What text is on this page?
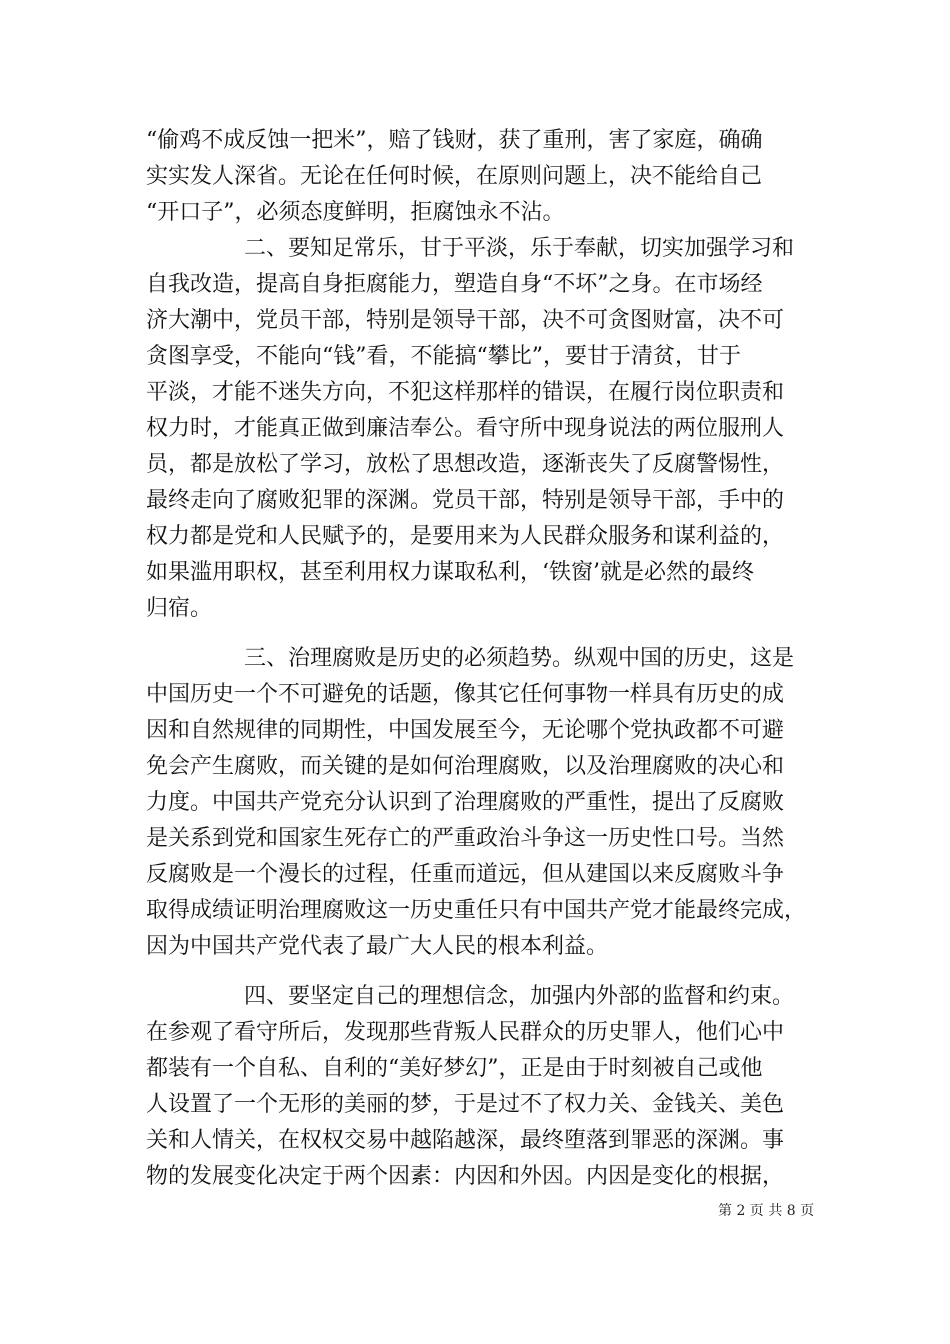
“偷鸡不成反蚀一把米”，赔了钱财，获了重刑，害了家庭，确确
实实发人深省。无论在任何时候，在原则问题上，决不能给自己
“开口子”，必须态度鲜明，拒腐蚀永不沾。
二、要知足常乐，甘于平淡，乐于奉献，切实加强学习和
自我改造，提高自身拒腐能力，塑造自身“不坏”之身。在市场经
济大潮中，党员干部，特别是领导干部，决不可贪图财富，决不可
贪图享受，不能向“钱”看，不能搞“攀比”，要甘于清贫，甘于
平淡，才能不迷失方向，不犯这样那样的错误，在履行岗位职责和
权力时，才能真正做到廉洁奉公。看守所中现身说法的两位服刑人
员，都是放松了学习，放松了思想改造，逐渐丧失了反腐警惕性，
最终走向了腐败犯罪的深渊。党员干部，特别是领导干部，手中的
权力都是党和人民赋予的，是要用来为人民群众服务和谋利益的，
如果滥用职权，甚至利用权力谋取私利，‘铁窗’就是必然的最终
归宿。
三、治理腐败是历史的必须趋势。纵观中国的历史，这是
中国历史一个不可避免的话题，像其它任何事物一样具有历史的成
因和自然规律的同期性，中国发展至今，无论哪个党执政都不可避
免会产生腐败，而关键的是如何治理腐败，以及治理腐败的决心和
力度。中国共产党充分认识到了治理腐败的严重性，提出了反腐败
是关系到党和国家生死存亡的严重政治斗争这一历史性口号。当然
反腐败是一个漫长的过程，任重而道远，但从建国以来反腐败斗争
取得成绩证明治理腐败这一历史重任只有中国共产党才能最终完成，
因为中国共产党代表了最广大人民的根本利益。
四、要坚定自己的理想信念，加强内外部的监督和约束。
在参观了看守所后，发现那些背叛人民群众的历史罪人，他们心中
都装有一个自私、自利的“美好梦幻”，正是由于时刻被自己或他
人设置了一个无形的美丽的梦，于是过不了权力关、金钱关、美色
关和人情关，在权权交易中越陷越深，最终堕落到罪恶的深渊。事
物的发展变化决定于两个因素：内因和外因。内因是变化的根据，
第 2 页 共 8 页
